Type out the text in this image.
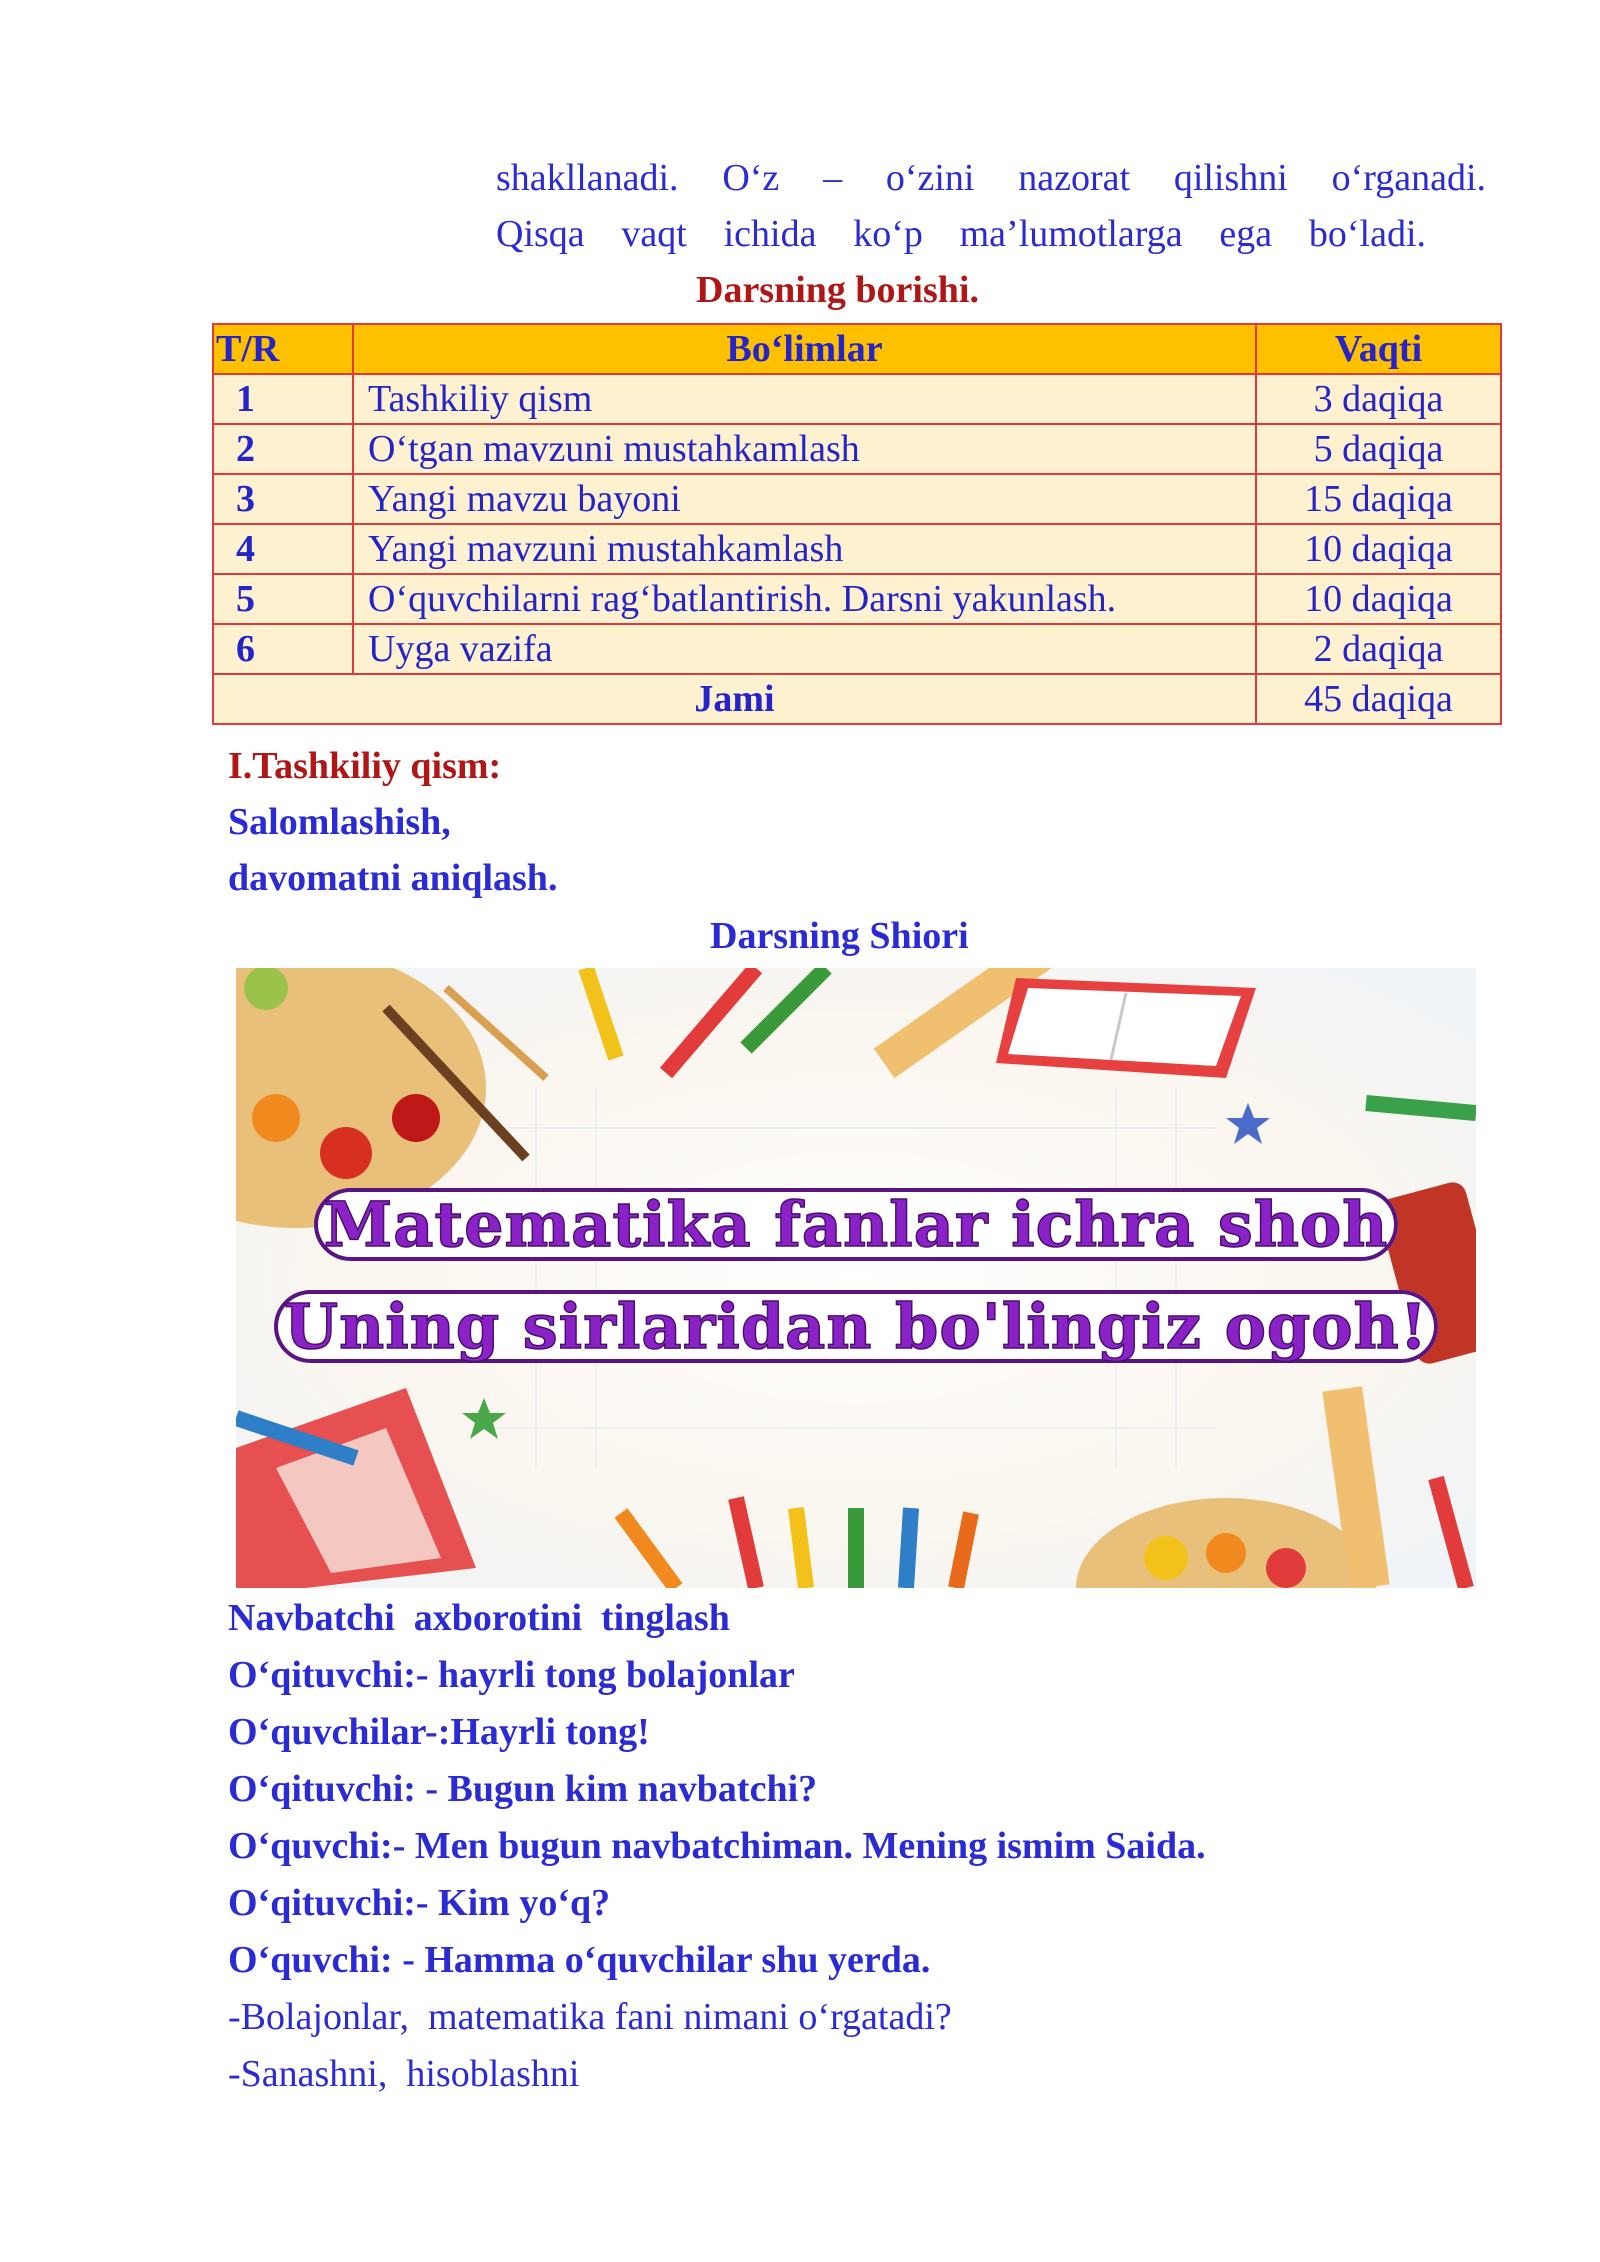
shakllanadi. O‘z – o‘zini nazorat qilishni o‘rganadi.
Qisqa vaqt ichida ko‘p ma’lumotlarga ega bo‘ladi.
Darsning borishi.
T/R	Bo‘limlar	Vaqti
1	Tashkiliy qism	3 daqiqa
2	O‘tgan mavzuni mustahkamlash	5 daqiqa
3	Yangi mavzu bayoni	15 daqiqa
4	Yangi mavzuni mustahkamlash	10 daqiqa
5	O‘quvchilarni rag‘batlantirish. Darsni yakunlash.	10 daqiqa
6	Uyga vazifa	2 daqiqa
Jami		45 daqiqa
I.Tashkiliy qism:
Salomlashish,
davomatni aniqlash.
Darsning Shiori
Matematika fanlar ichra shoh
Uning sirlaridan bo'lingiz ogoh!
Navbatchi  axborotini  tinglash
O‘qituvchi:- hayrli tong bolajonlar
O‘quvchilar-:Hayrli tong!
O‘qituvchi: - Bugun kim navbatchi?
O‘quvchi:- Men bugun navbatchiman. Mening ismim Saida.
O‘qituvchi:- Kim yo‘q?
O‘quvchi: - Hamma o‘quvchilar shu yerda.
-Bolajonlar,  matematika fani nimani o‘rgatadi?
-Sanashni,  hisoblashni
